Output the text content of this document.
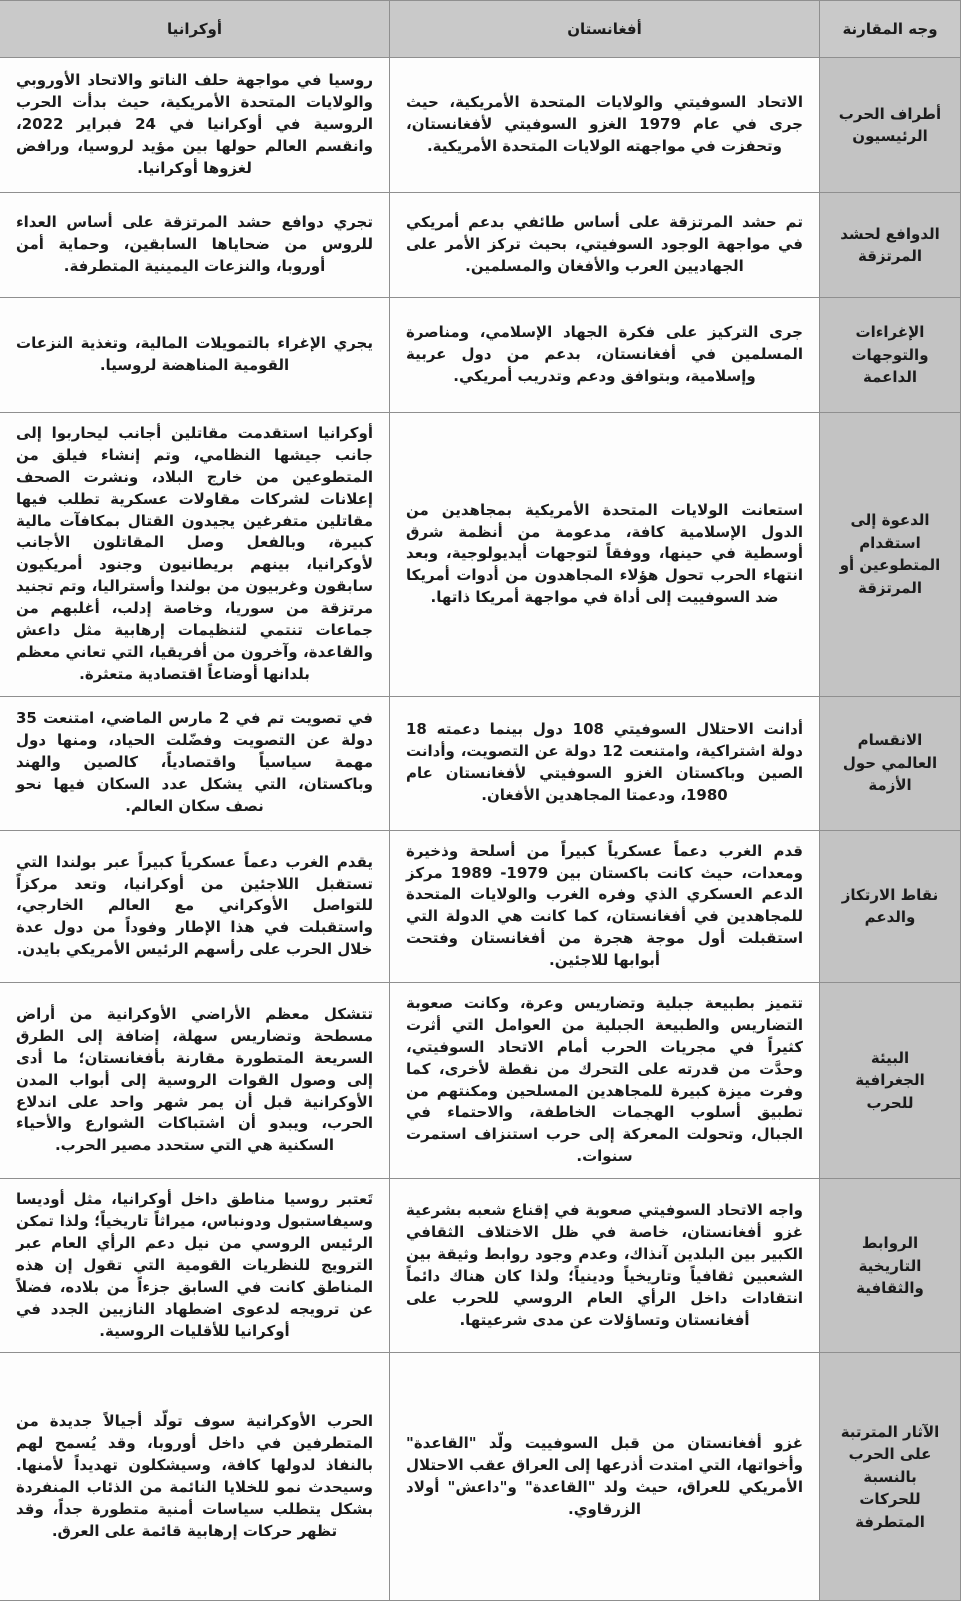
وجه المقارنة	أفغانستان	أوكرانيا
أطراف الحرب الرئيسيون	الاتحاد السوفيتي والولايات المتحدة الأمريكية، حيث جرى في عام 1979 الغزو السوفيتي لأفغانستان، وتحفزت في مواجهته الولايات المتحدة الأمريكية.	روسيا في مواجهة حلف الناتو والاتحاد الأوروبي والولايات المتحدة الأمريكية، حيث بدأت الحرب الروسية في أوكرانيا في 24 فبراير 2022، وانقسم العالم حولها بين مؤيد لروسيا، ورافض لغزوها أوكرانيا.
الدوافع لحشد المرتزقة	تم حشد المرتزقة على أساس طائفي بدعم أمريكي في مواجهة الوجود السوفيتي، بحيث تركز الأمر على الجهاديين العرب والأفغان والمسلمين.	تجري دوافع حشد المرتزقة على أساس العداء للروس من ضحاياها السابقين، وحماية أمن أوروبا، والنزعات اليمينية المتطرفة.
الإغراءات والتوجهات الداعمة	جرى التركيز على فكرة الجهاد الإسلامي، ومناصرة المسلمين في أفغانستان، بدعم من دول عربية وإسلامية، وبتوافق ودعم وتدريب أمريكي.	يجري الإغراء بالتمويلات المالية، وتغذية النزعات القومية المناهضة لروسيا.
الدعوة إلى استقدام المتطوعين أو المرتزقة	استعانت الولايات المتحدة الأمريكية بمجاهدين من الدول الإسلامية كافة، مدعومة من أنظمة شرق أوسطية في حينها، ووفقاً لتوجهات أيديولوجية، وبعد انتهاء الحرب تحول هؤلاء المجاهدون من أدوات أمريكا ضد السوفييت إلى أداة في مواجهة أمريكا ذاتها.	أوكرانيا استقدمت مقاتلين أجانب ليحاربوا إلى جانب جيشها النظامي، وتم إنشاء فيلق من المتطوعين من خارج البلاد، ونشرت الصحف إعلانات لشركات مقاولات عسكرية تطلب فيها مقاتلين متفرغين يجيدون القتال بمكافآت مالية كبيرة، وبالفعل وصل المقاتلون الأجانب لأوكرانيا، بينهم بريطانيون وجنود أمريكيون سابقون وغربيون من بولندا وأستراليا، وتم تجنيد مرتزقة من سوريا، وخاصة إدلب، أغلبهم من جماعات تنتمي لتنظيمات إرهابية مثل داعش والقاعدة، وآخرون من أفريقيا، التي تعاني معظم بلدانها أوضاعاً اقتصادية متعثرة.
الانقسام العالمي حول الأزمة	أدانت الاحتلال السوفيتي 108 دول بينما دعمته 18 دولة اشتراكية، وامتنعت 12 دولة عن التصويت، وأدانت الصين وباكستان الغزو السوفيتي لأفغانستان عام 1980، ودعمتا المجاهدين الأفغان.	في تصويت تم في 2 مارس الماضي، امتنعت 35 دولة عن التصويت وفضّلت الحياد، ومنها دول مهمة سياسياً واقتصادياً، كالصين والهند وباكستان، التي يشكل عدد السكان فيها نحو نصف سكان العالم.
نقاط الارتكاز والدعم	قدم الغرب دعماً عسكرياً كبيراً من أسلحة وذخيرة ومعدات، حيث كانت باكستان بين 1979- 1989 مركز الدعم العسكري الذي وفره الغرب والولايات المتحدة للمجاهدين في أفغانستان، كما كانت هي الدولة التي استقبلت أول موجة هجرة من أفغانستان وفتحت أبوابها للاجئين.	يقدم الغرب دعماً عسكرياً كبيراً عبر بولندا التي تستقبل اللاجئين من أوكرانيا، وتعد مركزاً للتواصل الأوكراني مع العالم الخارجي، واستقبلت في هذا الإطار وفوداً من دول عدة خلال الحرب على رأسهم الرئيس الأمريكي بايدن.
البيئة الجغرافية للحرب	تتميز بطبيعة جبلية وتضاريس وعرة، وكانت صعوبة التضاريس والطبيعة الجبلية من العوامل التي أثرت كثيراً في مجريات الحرب أمام الاتحاد السوفيتي، وحدَّت من قدرته على التحرك من نقطة لأخرى، كما وفرت ميزة كبيرة للمجاهدين المسلحين ومكنتهم من تطبيق أسلوب الهجمات الخاطفة، والاحتماء في الجبال، وتحولت المعركة إلى حرب استنزاف استمرت سنوات.	تتشكل معظم الأراضي الأوكرانية من أراض مسطحة وتضاريس سهلة، إضافة إلى الطرق السريعة المتطورة مقارنة بأفغانستان؛ ما أدى إلى وصول القوات الروسية إلى أبواب المدن الأوكرانية قبل أن يمر شهر واحد على اندلاع الحرب، ويبدو أن اشتباكات الشوارع والأحياء السكنية هي التي ستحدد مصير الحرب.
الروابط التاريخية والثقافية	واجه الاتحاد السوفيتي صعوبة في إقناع شعبه بشرعية غزو أفغانستان، خاصة في ظل الاختلاف الثقافي الكبير بين البلدين آنذاك، وعدم وجود روابط وثيقة بين الشعبين ثقافياً وتاريخياً ودينياً؛ ولذا كان هناك دائماً انتقادات داخل الرأي العام الروسي للحرب على أفغانستان وتساؤلات عن مدى شرعيتها.	تَعتبر روسيا مناطق داخل أوكرانيا، مثل أوديسا وسيفاستبول ودونباس، ميراثاً تاريخياً؛ ولذا تمكن الرئيس الروسي من نيل دعم الرأي العام عبر الترويج للنظريات القومية التي تقول إن هذه المناطق كانت في السابق جزءاً من بلاده، فضلاً عن ترويجه لدعوى اضطهاد النازيين الجدد في أوكرانيا للأقليات الروسية.
الآثار المترتبة على الحرب بالنسبة للحركات المتطرفة	غزو أفغانستان من قبل السوفييت ولّد "القاعدة" وأخواتها، التي امتدت أذرعها إلى العراق عقب الاحتلال الأمريكي للعراق، حيث ولد "القاعدة" و"داعش" أولاد الزرقاوي.	الحرب الأوكرانية سوف تولّد أجيالاً جديدة من المتطرفين في داخل أوروبا، وقد يُسمح لهم بالنفاذ لدولها كافة، وسيشكلون تهديداً لأمنها. وسيحدث نمو للخلايا النائمة من الذئاب المنفردة بشكل يتطلب سياسات أمنية متطورة جداً، وقد تظهر حركات إرهابية قائمة على العرق.
